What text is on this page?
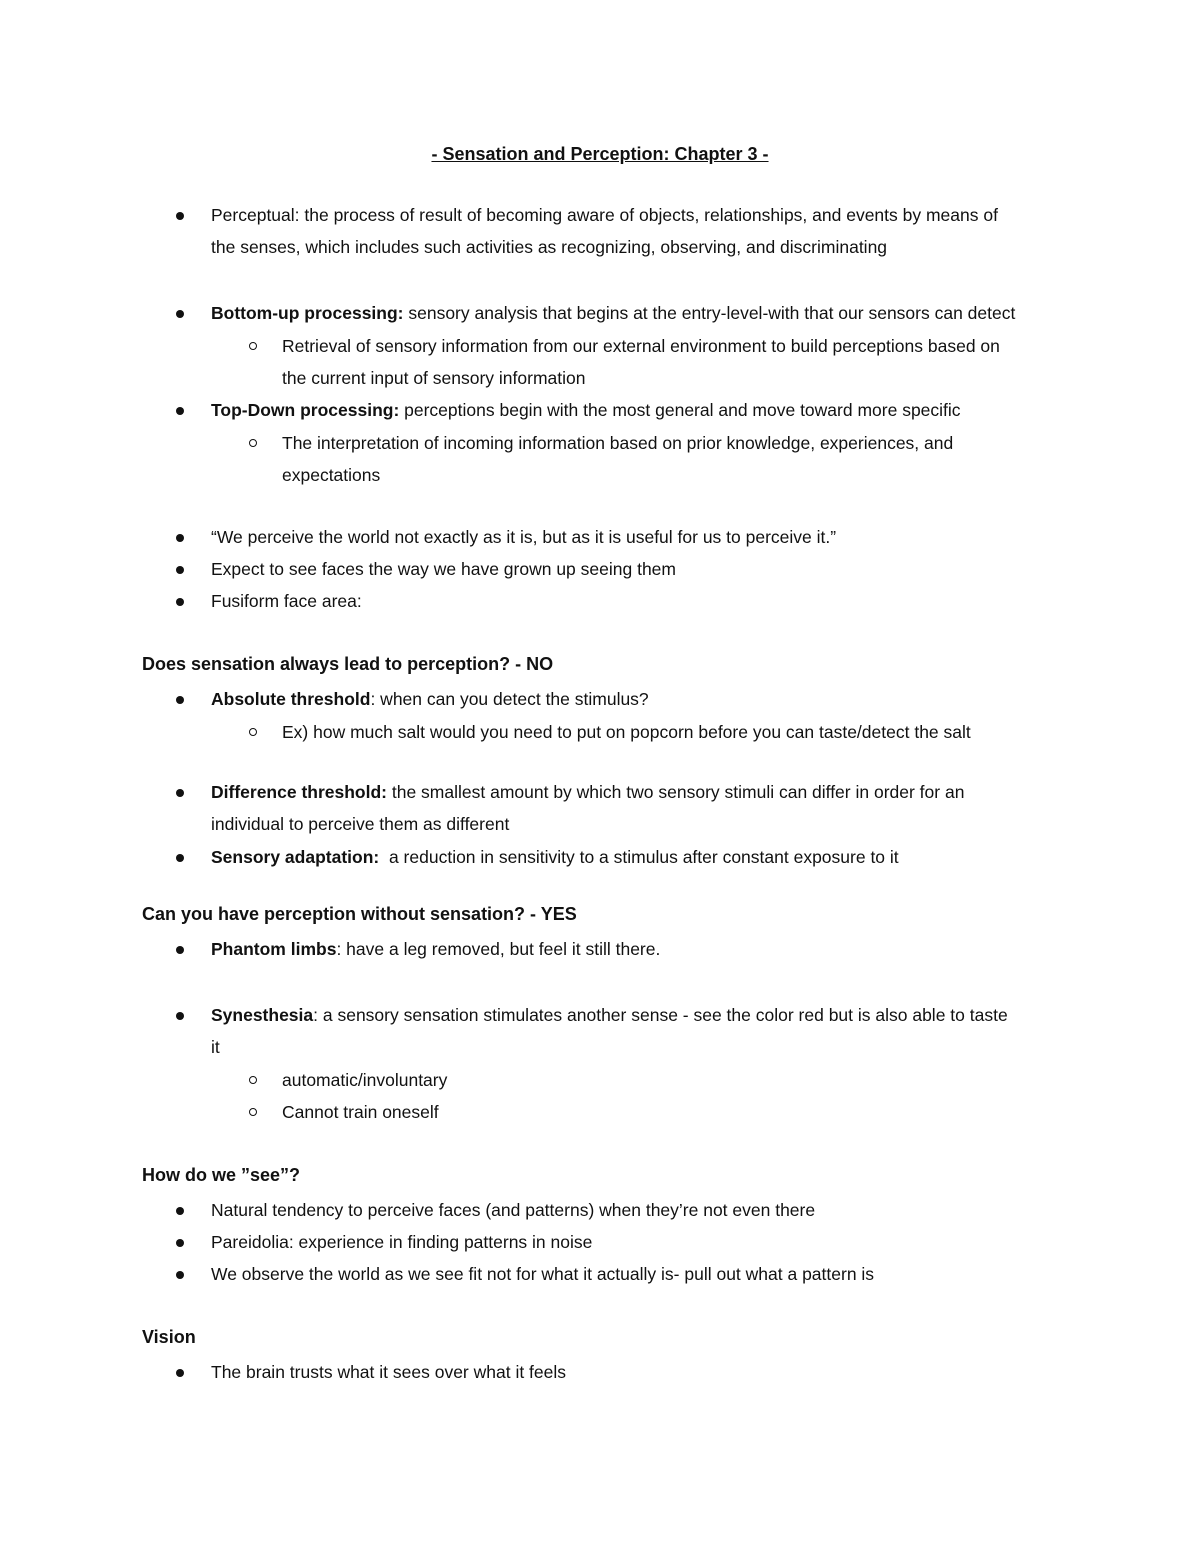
- Sensation and Perception: Chapter 3 -
Perceptual: the process of result of becoming aware of objects, relationships, and events by means of
the senses, which includes such activities as recognizing, observing, and discriminating
Bottom-up processing: sensory analysis that begins at the entry-level-with that our sensors can detect
Retrieval of sensory information from our external environment to build perceptions based on
the current input of sensory information
Top-Down processing: perceptions begin with the most general and move toward more specific
The interpretation of incoming information based on prior knowledge, experiences, and
expectations
“We perceive the world not exactly as it is, but as it is useful for us to perceive it.”
Expect to see faces the way we have grown up seeing them
Fusiform face area:
Does sensation always lead to perception? - NO
Absolute threshold: when can you detect the stimulus?
Ex) how much salt would you need to put on popcorn before you can taste/detect the salt
Difference threshold: the smallest amount by which two sensory stimuli can differ in order for an
individual to perceive them as different
Sensory adaptation:  a reduction in sensitivity to a stimulus after constant exposure to it
Can you have perception without sensation? - YES
Phantom limbs: have a leg removed, but feel it still there.
Synesthesia: a sensory sensation stimulates another sense - see the color red but is also able to taste
it
automatic/involuntary
Cannot train oneself
How do we ”see”?
Natural tendency to perceive faces (and patterns) when they’re not even there
Pareidolia: experience in finding patterns in noise
We observe the world as we see fit not for what it actually is- pull out what a pattern is
Vision
The brain trusts what it sees over what it feels
